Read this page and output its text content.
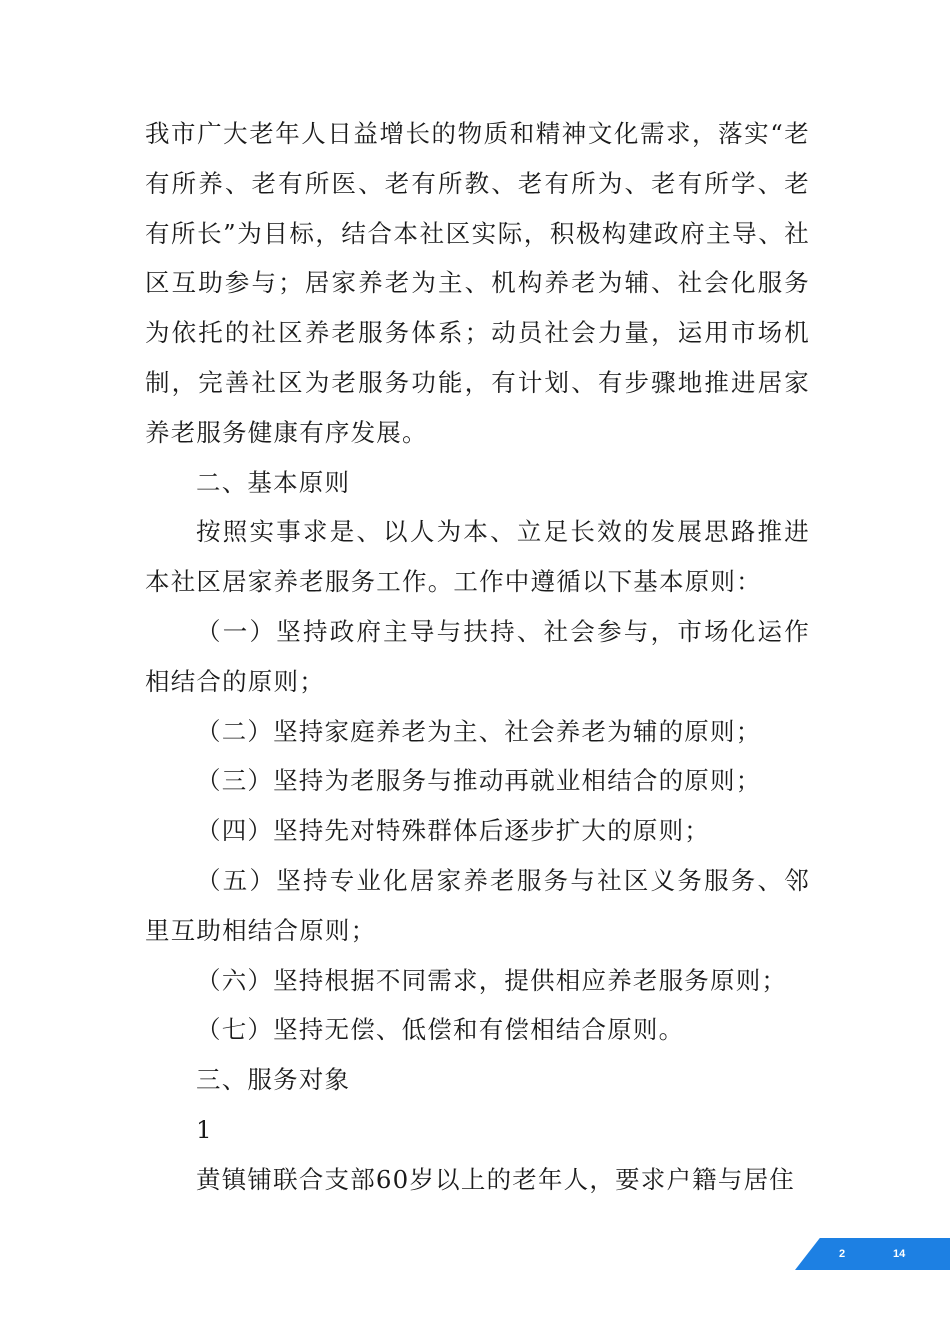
我市广大老年人日益增长的物质和精神文化需求，落实“老有所养、老有所医、老有所教、老有所为、老有所学、老有所长”为目标，结合本社区实际，积极构建政府主导、社区互助参与；居家养老为主、机构养老为辅、社会化服务为依托的社区养老服务体系；动员社会力量，运用市场机制，完善社区为老服务功能，有计划、有步骤地推进居家养老服务健康有序发展。

二、基本原则

按照实事求是、以人为本、立足长效的发展思路推进本社区居家养老服务工作。工作中遵循以下基本原则：

（一）坚持政府主导与扶持、社会参与，市场化运作相结合的原则；

（二）坚持家庭养老为主、社会养老为辅的原则；

（三）坚持为老服务与推动再就业相结合的原则；

（四）坚持先对特殊群体后逐步扩大的原则；

（五）坚持专业化居家养老服务与社区义务服务、邻里互助相结合原则；

（六）坚持根据不同需求，提供相应养老服务原则；

（七）坚持无偿、低偿和有偿相结合原则。

三、服务对象

1

黄镇铺联合支部60岁以上的老年人，要求户籍与居住

2	14
